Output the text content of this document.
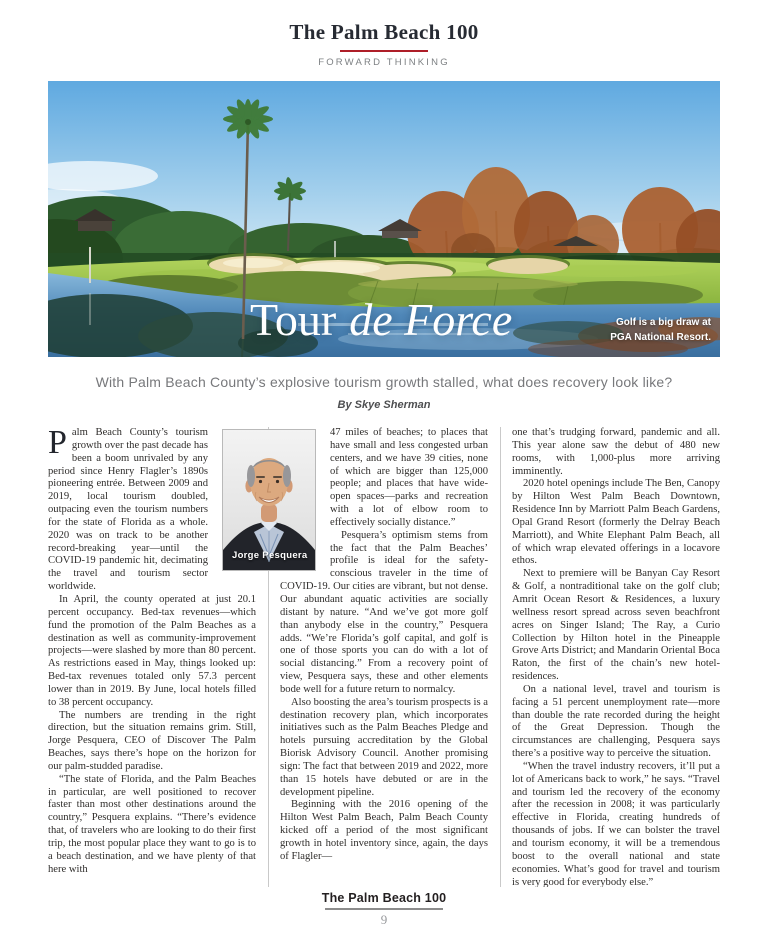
The Palm Beach 100
FORWARD THINKING
Tour de Force	Golf is a big draw at
PGA National Resort.

With Palm Beach County’s explosive tourism growth stalled, what does recovery look like?

By Skye Sherman

Palm Beach County’s tourism growth over the past decade has been a boom unrivaled by any period since Henry Flagler’s 1890s pioneering entrée. Between 2009 and 2019, local tourism doubled, outpacing even the tourism numbers for the state of Florida as a whole. 2020 was on track to be another record-breaking year—until the COVID-19 pandemic hit, decimating the travel and tourism sector worldwide.

In April, the county operated at just 20.1 percent occupancy. Bed-tax revenues—which fund the promotion of the Palm Beaches as a destination as well as community-improvement projects—were slashed by more than 80 percent. As restrictions eased in May, things looked up: Bed-tax revenues totaled only 57.3 percent lower than in 2019. By June, local hotels filled to 38 percent occupancy.

The numbers are trending in the right direction, but the situation remains grim. Still, Jorge Pesquera, CEO of Discover The Palm Beaches, says there’s hope on the horizon for our palm-studded paradise.

“The state of Florida, and the Palm Beaches in particular, are well positioned to recover faster than most other destinations around the country,” Pesquera explains. “There’s evidence that, of travelers who are looking to do their first trip, the most popular place they want to go is to a beach destination, and we have plenty of that here with

Jorge Pesquera

47 miles of beaches; to places that have small and less congested urban centers, and we have 39 cities, none of which are bigger than 125,000 people; and places that have wide-open spaces—parks and recreation with a lot of elbow room to effectively socially distance.”

Pesquera’s optimism stems from the fact that the Palm Beaches’ profile is ideal for the safety-conscious traveler in the time of COVID-19. Our cities are vibrant, but not dense. Our abundant aquatic activities are socially distant by nature. “And we’ve got more golf than anybody else in the country,” Pesquera adds. “We’re Florida’s golf capital, and golf is one of those sports you can do with a lot of social distancing.” From a recovery point of view, Pesquera says, these and other elements bode well for a future return to normalcy.

Also boosting the area’s tourism prospects is a destination recovery plan, which incorporates initiatives such as the Palm Beaches Pledge and hotels pursuing accreditation by the Global Biorisk Advisory Council. Another promising sign: The fact that between 2019 and 2022, more than 15 hotels have debuted or are in the development pipeline.

Beginning with the 2016 opening of the Hilton West Palm Beach, Palm Beach County kicked off a period of the most significant growth in hotel inventory since, again, the days of Flagler—

one that’s trudging forward, pandemic and all. This year alone saw the debut of 480 new rooms, with 1,000-plus more arriving imminently.

2020 hotel openings include The Ben, Canopy by Hilton West Palm Beach Downtown, Residence Inn by Marriott Palm Beach Gardens, Opal Grand Resort (formerly the Delray Beach Marriott), and White Elephant Palm Beach, all of which wrap elevated offerings in a locavore ethos.

Next to premiere will be Banyan Cay Resort & Golf, a nontraditional take on the golf club; Amrit Ocean Resort & Residences, a luxury wellness resort spread across seven beachfront acres on Singer Island; The Ray, a Curio Collection by Hilton hotel in the Pineapple Grove Arts District; and Mandarin Oriental Boca Raton, the first of the chain’s new hotel-residences.

On a national level, travel and tourism is facing a 51 percent unemployment rate—more than double the rate recorded during the height of the Great Depression. Though the circumstances are challenging, Pesquera says there’s a positive way to perceive the situation.

“When the travel industry recovers, it’ll put a lot of Americans back to work,” he says. “Travel and tourism led the recovery of the economy after the recession in 2008; it was particularly effective in Florida, creating hundreds of thousands of jobs. If we can bolster the travel and tourism economy, it will be a tremendous boost to the overall national and state economies. What’s good for travel and tourism is very good for everybody else.”

The Palm Beach 100
9
